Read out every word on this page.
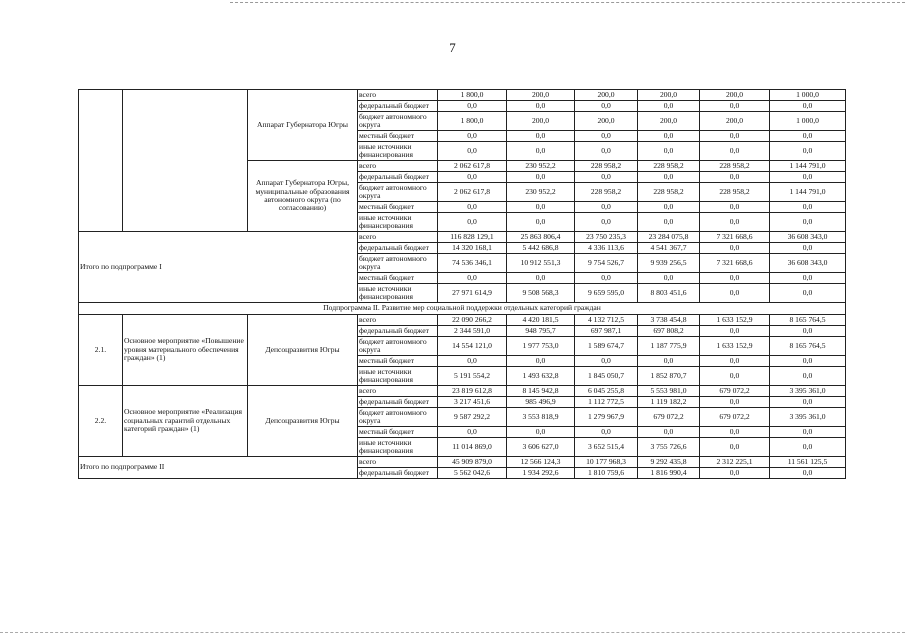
7
		Аппарат Губернатора Югры	всего	1 800,0	200,0	200,0	200,0	200,0	1 000,0
			федеральный бюджет	0,0	0,0	0,0	0,0	0,0	0,0
			бюджет автономного округа	1 800,0	200,0	200,0	200,0	200,0	1 000,0
			местный бюджет	0,0	0,0	0,0	0,0	0,0	0,0
			иные источники финансирования	0,0	0,0	0,0	0,0	0,0	0,0
		Аппарат Губернатора Югры, муниципальные образования автономного округа (по согласованию)	всего	2 062 617,8	230 952,2	228 958,2	228 958,2	228 958,2	1 144 791,0
			федеральный бюджет	0,0	0,0	0,0	0,0	0,0	0,0
			бюджет автономного округа	2 062 617,8	230 952,2	228 958,2	228 958,2	228 958,2	1 144 791,0
			местный бюджет	0,0	0,0	0,0	0,0	0,0	0,0
			иные источники финансирования	0,0	0,0	0,0	0,0	0,0	0,0
Итого по подпрограмме I			всего	116 828 129,1	25 863 806,4	23 750 235,3	23 284 075,8	7 321 668,6	36 608 343,0
			федеральный бюджет	14 320 168,1	5 442 686,8	4 336 113,6	4 541 367,7	0,0	0,0
			бюджет автономного округа	74 536 346,1	10 912 551,3	9 754 526,7	9 939 256,5	7 321 668,6	36 608 343,0
			местный бюджет	0,0	0,0	0,0	0,0	0,0	0,0
			иные источники финансирования	27 971 614,9	9 508 568,3	9 659 595,0	8 803 451,6	0,0	0,0
Подпрограмма II. Развитие мер социальной поддержки отдельных категорий граждан									
2.1.	Основное мероприятие «Повышение уровня материального обеспечения граждан» (1)	Депсоцразвития Югры	всего	22 090 266,2	4 420 181,5	4 132 712,5	3 738 454,8	1 633 152,9	8 165 764,5
			федеральный бюджет	2 344 591,0	948 795,7	697 987,1	697 808,2	0,0	0,0
			бюджет автономного округа	14 554 121,0	1 977 753,0	1 589 674,7	1 187 775,9	1 633 152,9	8 165 764,5
			местный бюджет	0,0	0,0	0,0	0,0	0,0	0,0
			иные источники финансирования	5 191 554,2	1 493 632,8	1 845 050,7	1 852 870,7	0,0	0,0
2.2.	Основное мероприятие «Реализация социальных гарантий отдельных категорий граждан» (1)	Депсоцразвития Югры	всего	23 819 612,8	8 145 942,8	6 045 255,8	5 553 981,0	679 072,2	3 395 361,0
			федеральный бюджет	3 217 451,6	985 496,9	1 112 772,5	1 119 182,2	0,0	0,0
			бюджет автономного округа	9 587 292,2	3 553 818,9	1 279 967,9	679 072,2	679 072,2	3 395 361,0
			местный бюджет	0,0	0,0	0,0	0,0	0,0	0,0
			иные источники финансирования	11 014 869,0	3 606 627,0	3 652 515,4	3 755 726,6	0,0	0,0
Итого по подпрограмме II			всего	45 909 879,0	12 566 124,3	10 177 968,3	9 292 435,8	2 312 225,1	11 561 125,5
			федеральный бюджет	5 562 042,6	1 934 292,6	1 810 759,6	1 816 990,4	0,0	0,0
